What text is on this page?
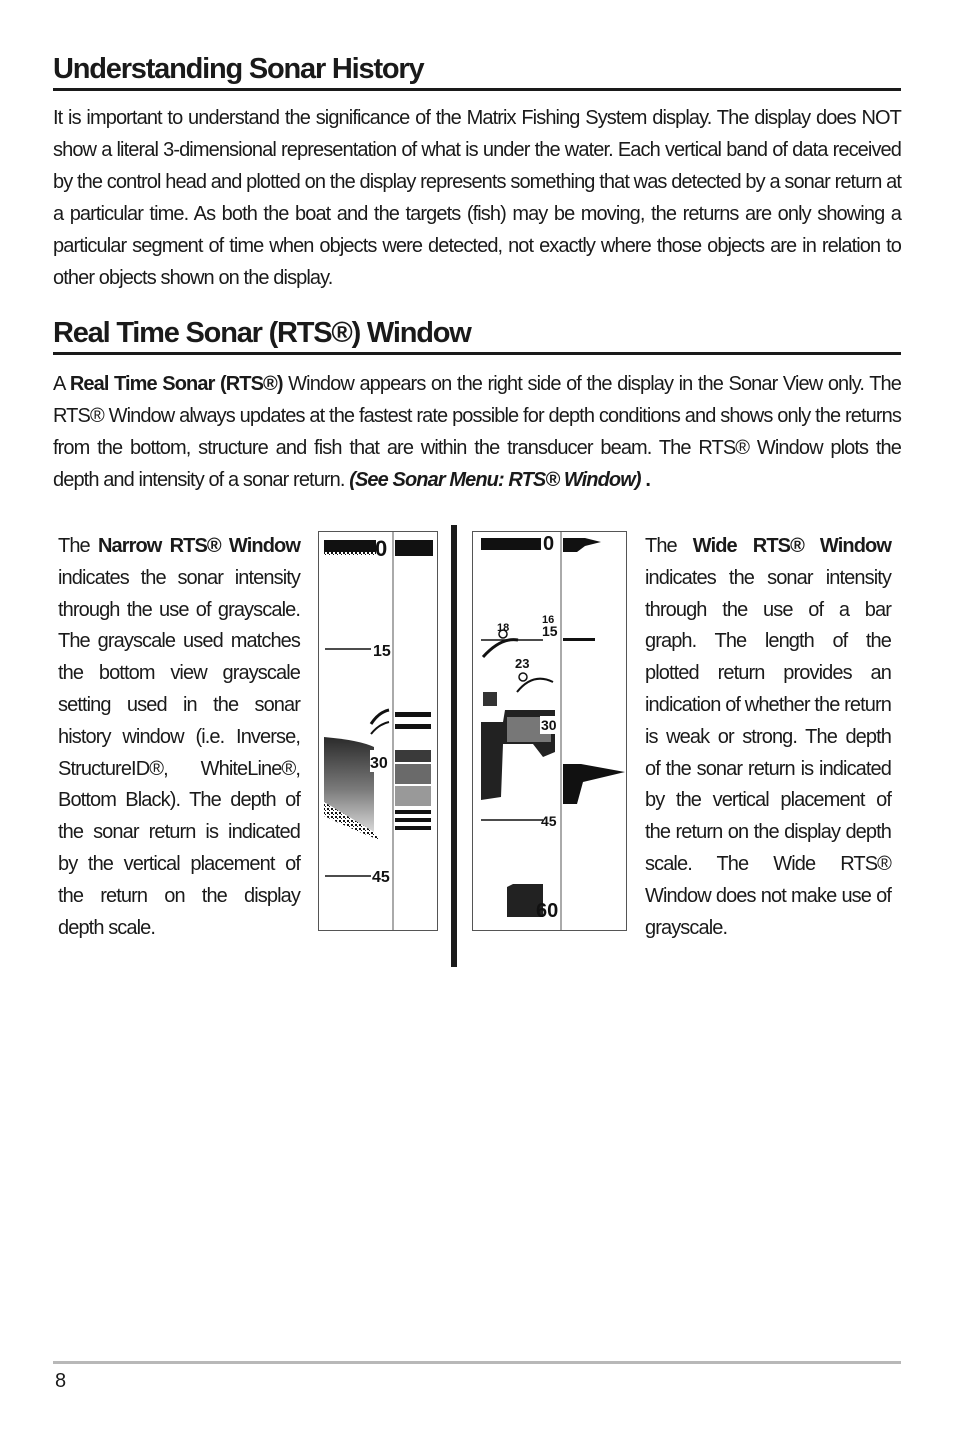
Understanding Sonar History
It is important to understand the significance of the Matrix Fishing System display. The display does NOT show a literal 3-dimensional representation of what is under the water. Each vertical band of data received by the control head and plotted on the display represents something that was detected by a sonar return at a particular time. As both the boat and the targets (fish) may be moving, the returns are only showing a particular segment of time when objects were detected, not exactly where those objects are in relation to other objects shown on the display.
Real Time Sonar (RTS®) Window
A Real Time Sonar (RTS®) Window appears on the right side of the display in the Sonar View only. The RTS® Window always updates at the fastest rate possible for depth conditions and shows only the returns from the bottom, structure and fish that are within the transducer beam. The RTS® Window plots the depth and intensity of a sonar return. (See Sonar Menu: RTS® Window) .
The Narrow RTS® Window indicates the sonar intensity through the use of grayscale. The grayscale used matches the bottom view grayscale setting used in the sonar history window (i.e. Inverse, StructureID®, WhiteLine®, Bottom Black). The depth of the sonar return is indicated by the vertical placement of the return on the display depth scale.
0
15
30
45
0
15
30
45
60
18
16
23
The Wide RTS® Window indicates the sonar intensity through the use of a bar graph. The length of the plotted return provides an indication of whether the return is weak or strong. The depth of the sonar return is indicated by the vertical placement of the return on the display depth scale. The Wide RTS® Window does not make use of grayscale.
8
